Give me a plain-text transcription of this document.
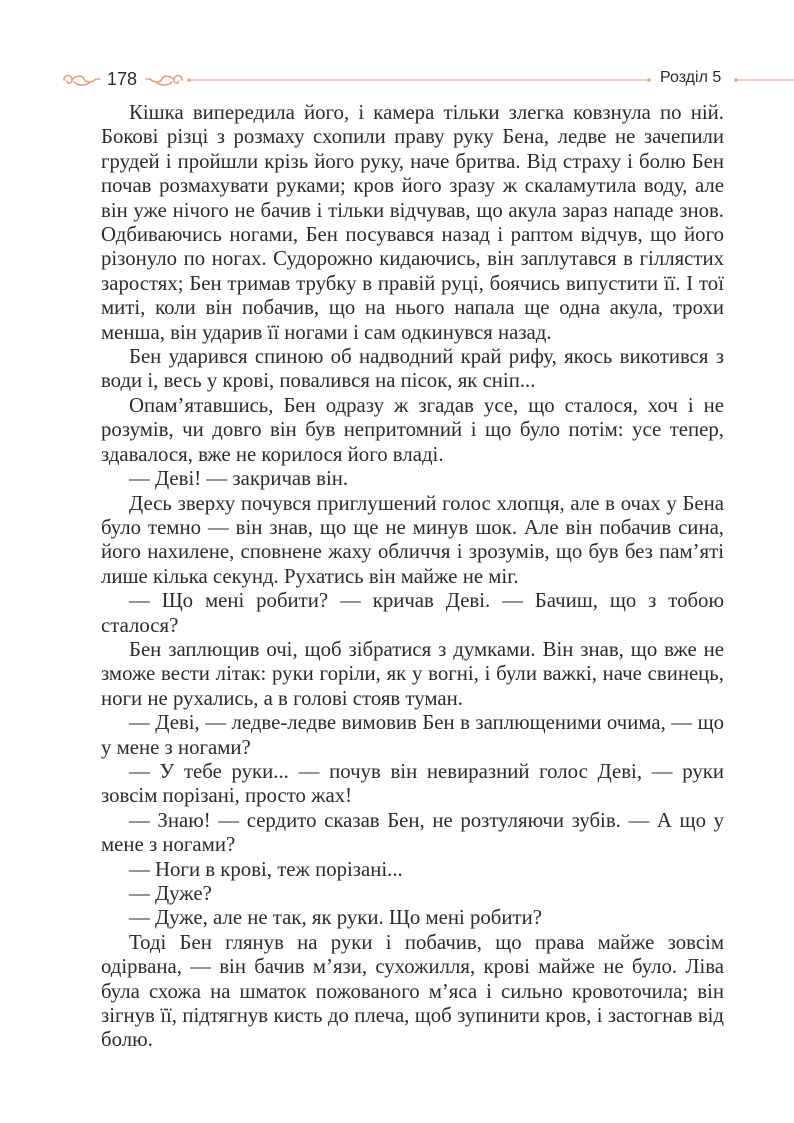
178	Розділ 5

Кішка випередила його, і камера тільки злегка ковзнула по ній. Бокові різці з розмаху схопили праву руку Бена, ледве не зачепили грудей і пройшли крізь його руку, наче бритва. Від страху і болю Бен почав розмахувати руками; кров його зразу ж скаламутила воду, але він уже нічого не бачив і тільки відчував, що акула зараз нападе знов. Одбиваючись ногами, Бен посувався назад і раптом відчув, що його різонуло по ногах. Судорожно кидаючись, він заплутався в гіллястих заростях; Бен тримав трубку в правій руці, боячись випустити її. І тої миті, коли він побачив, що на нього напала ще одна акула, трохи менша, він ударив її ногами і сам одкинувся назад.

Бен ударився спиною об надводний край рифу, якось викотився з води і, весь у крові, повалився на пісок, як сніп...

Опам’ятавшись, Бен одразу ж згадав усе, що сталося, хоч і не розумів, чи довго він був непритомний і що було потім: усе тепер, здавалося, вже не корилося його владі.

— Деві! — закричав він.

Десь зверху почувся приглушений голос хлопця, але в очах у Бена було темно — він знав, що ще не минув шок. Але він побачив сина, його нахилене, сповнене жаху обличчя і зрозумів, що був без пам’яті лише кілька секунд. Рухатись він майже не міг.

— Що мені робити? — кричав Деві. — Бачиш, що з тобою сталося?

Бен заплющив очі, щоб зібратися з думками. Він знав, що вже не зможе вести літак: руки горіли, як у вогні, і були важкі, наче свинець, ноги не рухались, а в голові стояв туман.

— Деві, — ледве-ледве вимовив Бен в заплющеними очима, — що у мене з ногами?

— У тебе руки... — почув він невиразний голос Деві, — руки зовсім порізані, просто жах!

— Знаю! — сердито сказав Бен, не розтуляючи зубів. — А що у мене з ногами?

— Ноги в крові, теж порізані...

— Дуже?

— Дуже, але не так, як руки. Що мені робити?

Тоді Бен глянув на руки і побачив, що права майже зовсім одірвана, — він бачив м’язи, сухожилля, крові майже не було. Ліва була схожа на шматок пожованого м’яса і сильно кровоточила; він зігнув її, підтягнув кисть до плеча, щоб зупинити кров, і застогнав від болю.
